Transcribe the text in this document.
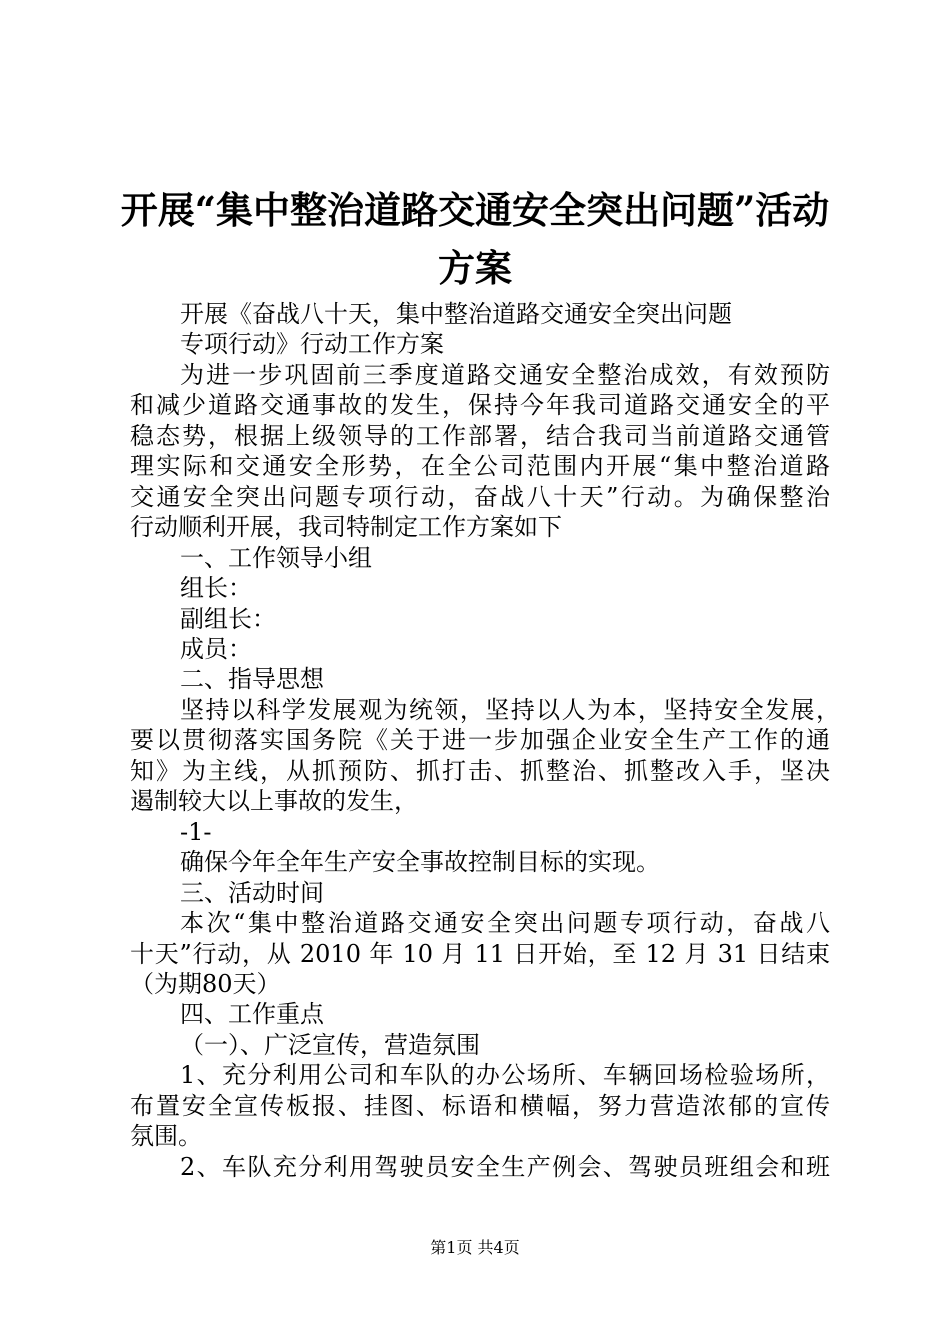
开展“集中整治道路交通安全突出问题”活动
方案
开展《奋战八十天，集中整治道路交通安全突出问题
专项行动》行动工作方案
为进一步巩固前三季度道路交通安全整治成效，有效预防
和减少道路交通事故的发生，保持今年我司道路交通安全的平
稳态势，根据上级领导的工作部署，结合我司当前道路交通管
理实际和交通安全形势，在全公司范围内开展“集中整治道路
交通安全突出问题专项行动，奋战八十天”行动。为确保整治
行动顺利开展，我司特制定工作方案如下
一、工作领导小组
组长：
副组长：
成员：
二、指导思想
坚持以科学发展观为统领，坚持以人为本，坚持安全发展，
要以贯彻落实国务院《关于进一步加强企业安全生产工作的通
知》为主线，从抓预防、抓打击、抓整治、抓整改入手，坚决
遏制较大以上事故的发生，
-1-
确保今年全年生产安全事故控制目标的实现。
三、活动时间
本次“集中整治道路交通安全突出问题专项行动，奋战八
十天”行动，从 2010 年 10 月 11 日开始，至 12 月 31 日结束
（为期80天）
四、工作重点
（一）、广泛宣传，营造氛围
1、充分利用公司和车队的办公场所、车辆回场检验场所，
布置安全宣传板报、挂图、标语和横幅，努力营造浓郁的宣传
氛围。
2、车队充分利用驾驶员安全生产例会、驾驶员班组会和班
第1页 共4页
